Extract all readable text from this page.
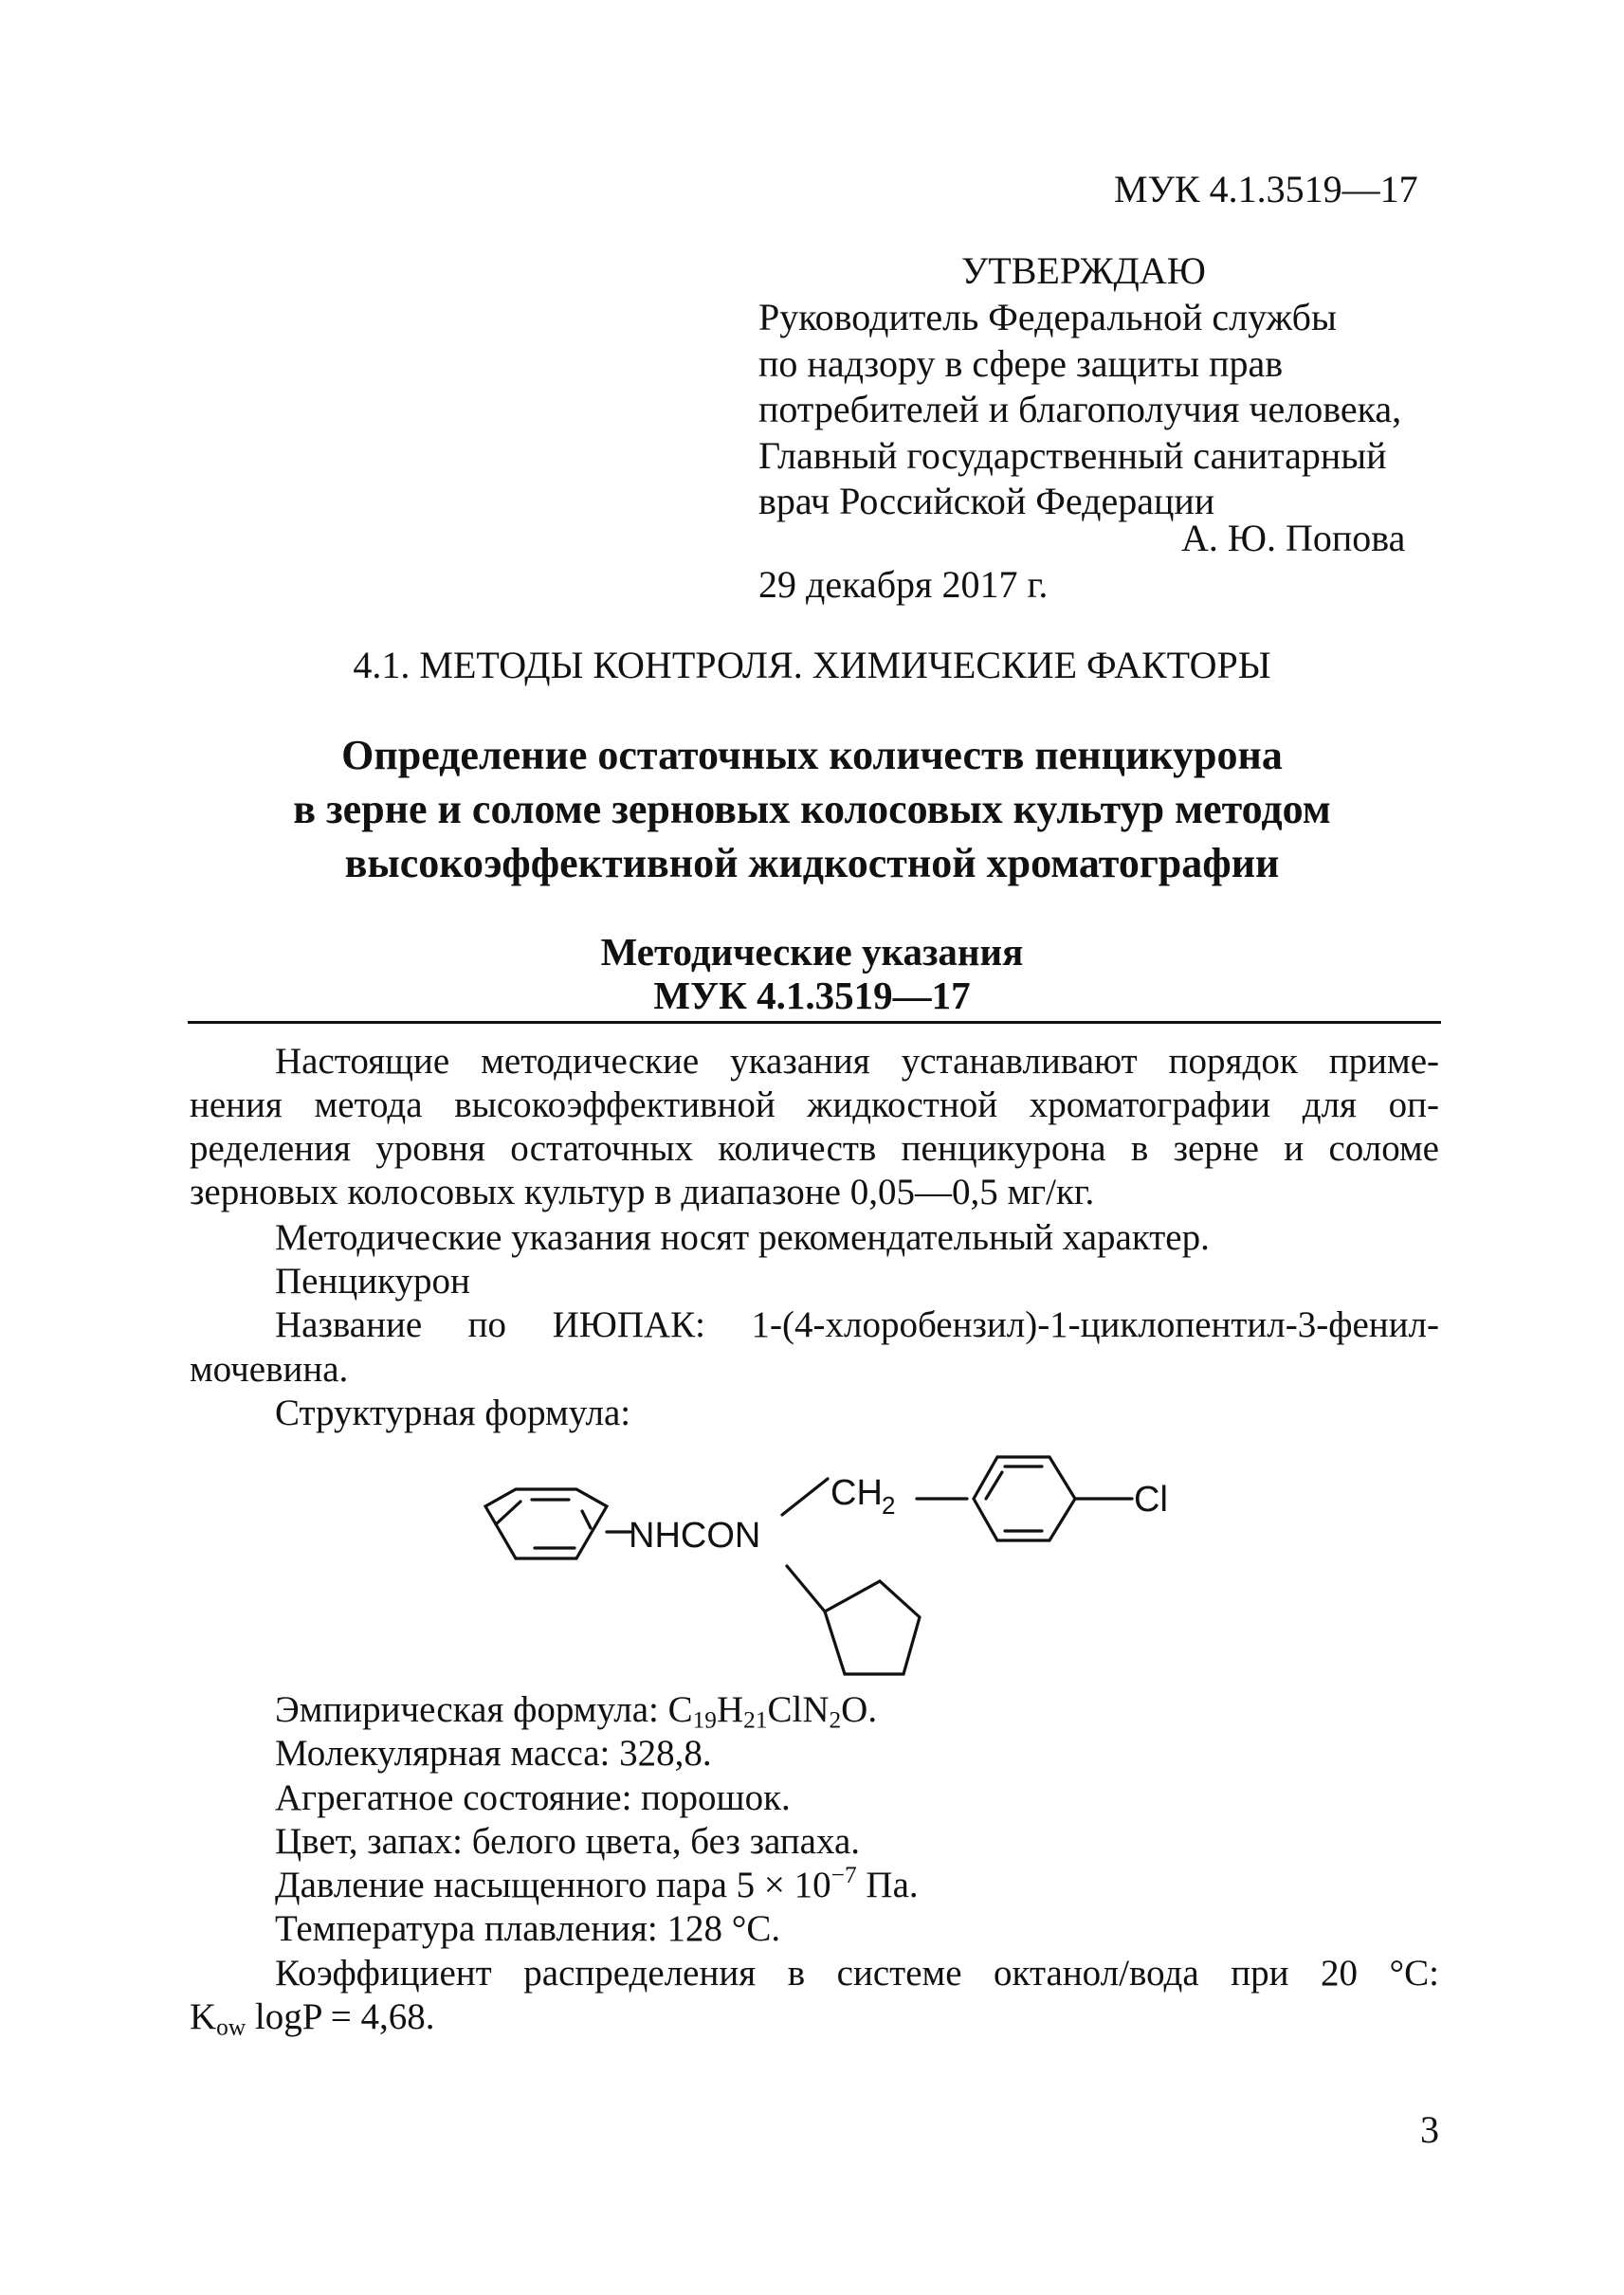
МУК 4.1.3519—17
УТВЕРЖДАЮ
Руководитель Федеральной службы
по надзору в сфере защиты прав
потребителей и благополучия человека,
Главный государственный санитарный
врач Российской Федерации
А. Ю. Попова
29 декабря 2017 г.
4.1. МЕТОДЫ КОНТРОЛЯ. ХИМИЧЕСКИЕ ФАКТОРЫ
Определение остаточных количеств пенцикурона
в зерне и соломе зерновых колосовых культур методом
высокоэффективной жидкостной хроматографии
Методические указания
МУК 4.1.3519—17
Настоящие методические указания устанавливают порядок приме-
нения метода высокоэффективной жидкостной хроматографии для оп-
ределения уровня остаточных количеств пенцикурона в зерне и соломе
зерновых колосовых культур в диапазоне 0,05—0,5 мг/кг.
Методические указания носят рекомендательный характер.
Пенцикурон
Название по ИЮПАК: 1-(4-хлоробензил)-1-циклопентил-3-фенил-
мочевина.
Структурная формула:
NHCON
CH 2	Cl
Эмпирическая формула: $C_{19}H_{21}ClN_2O$.
Молекулярная масса: 328,8.
Агрегатное состояние: порошок.
Цвет, запах: белого цвета, без запаха.
Давление насыщенного пара $5 \times 10^{-7}$ Па.
Температура плавления: 128 °С.
Коэффициент распределения в системе октанол/вода при 20 °С:
$K_{ow}$ logP = 4,68.
3
